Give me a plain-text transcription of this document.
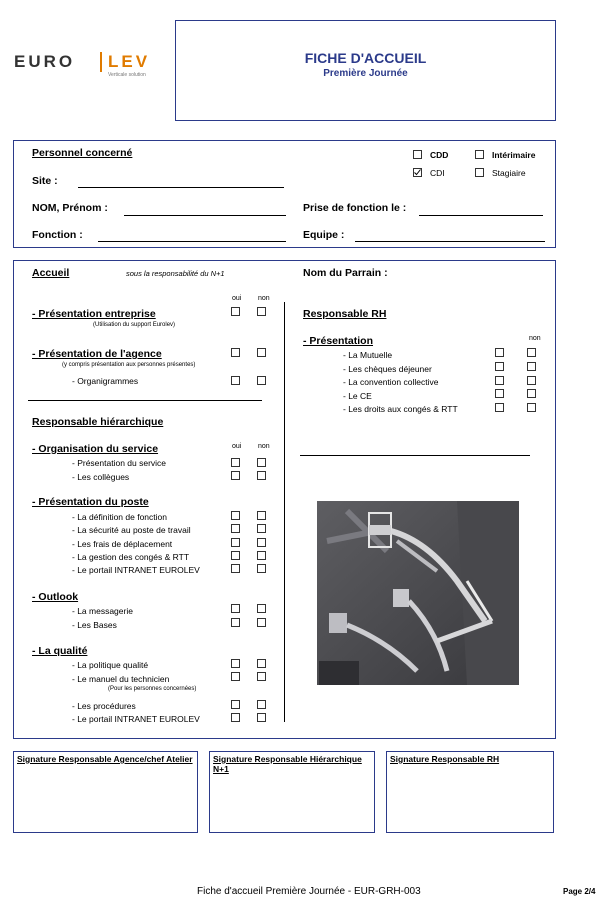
EURO LEV
Verticale solution
FICHE D'ACCUEIL
Première Journée
Personnel concerné
Site :
NOM, Prénom :
Fonction :
Prise de fonction le :
Equipe :
CDD	Intérimaire
CDI	Stagiaire
Accueil	sous la responsabilité du N+1	Nom du Parrain :
oui non
- Présentation entreprise
(Utilisation du support Eurolev)
- Présentation de l'agence
(y compris présentation aux personnes présentes)
- Organigrammes
Responsable hiérarchique
oui non
- Organisation du service
- Présentation du service
- Les collègues
- Présentation du poste
- La définition de fonction
- La sécurité au poste de travail
- Les frais de déplacement
- La gestion des congés & RTT
- Le portail INTRANET EUROLEV
- Outlook
- La messagerie
- Les Bases
- La qualité
- La politique qualité
- Le manuel du technicien
(Pour les personnes concernées)
- Les procédures
- Le portail INTRANET EUROLEV
Responsable RH
- Présentation	non
- La Mutuelle
- Les chèques déjeuner
- La convention collective
- Le CE
- Les droits aux congés & RTT
Signature Responsable Agence/chef Atelier Signature Responsable Hiérarchique N+1
Signature Responsable RH
Fiche d'accueil Première Journée - EUR-GRH-003	Page 2/4
